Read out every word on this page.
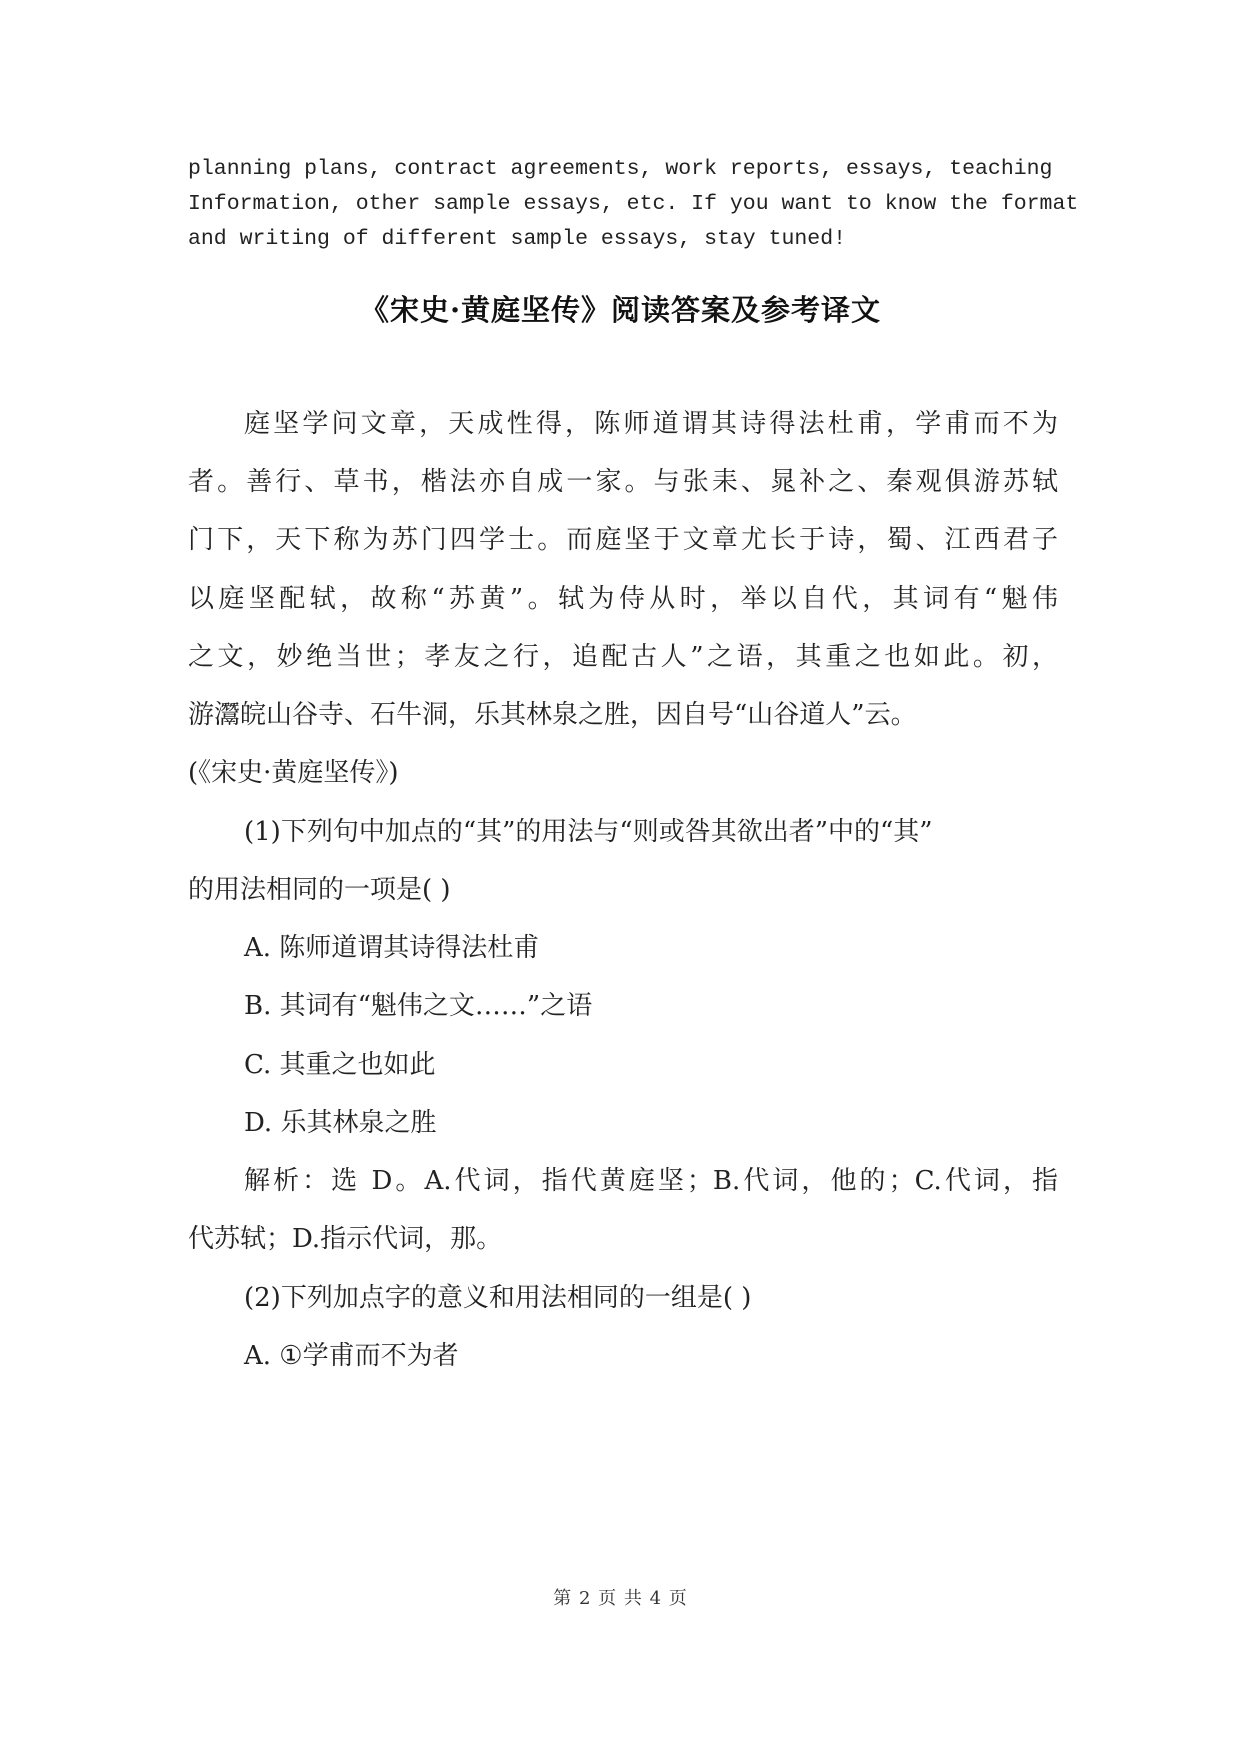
planning plans, contract agreements, work reports, essays, teaching
Information, other sample essays, etc. If you want to know the format
and writing of different sample essays, stay tuned!
《宋史·黄庭坚传》阅读答案及参考译文
庭坚学问文章，天成性得，陈师道谓其诗得法杜甫，学甫而不为
者。善行、草书，楷法亦自成一家。与张耒、晁补之、秦观俱游苏轼
门下，天下称为苏门四学士。而庭坚于文章尤长于诗，蜀、江西君子
以庭坚配轼，故称“苏黄”。轼为侍从时，举以自代，其词有“魁伟
之文，妙绝当世；孝友之行，追配古人”之语，其重之也如此。初，
游灊皖山谷寺、石牛洞，乐其林泉之胜，因自号“山谷道人”云。
(《宋史·黄庭坚传》)
(1)下列句中加点的“其”的用法与“则或咎其欲出者”中的“其”
的用法相同的一项是( )
A. 陈师道谓其诗得法杜甫
B. 其词有“魁伟之文……”之语
C. 其重之也如此
D. 乐其林泉之胜
解析：选 D。A.代词，指代黄庭坚；B.代词，他的；C.代词，指
代苏轼；D.指示代词，那。
(2)下列加点字的意义和用法相同的一组是( )
A. ①学甫而不为者
第 2 页 共 4 页
